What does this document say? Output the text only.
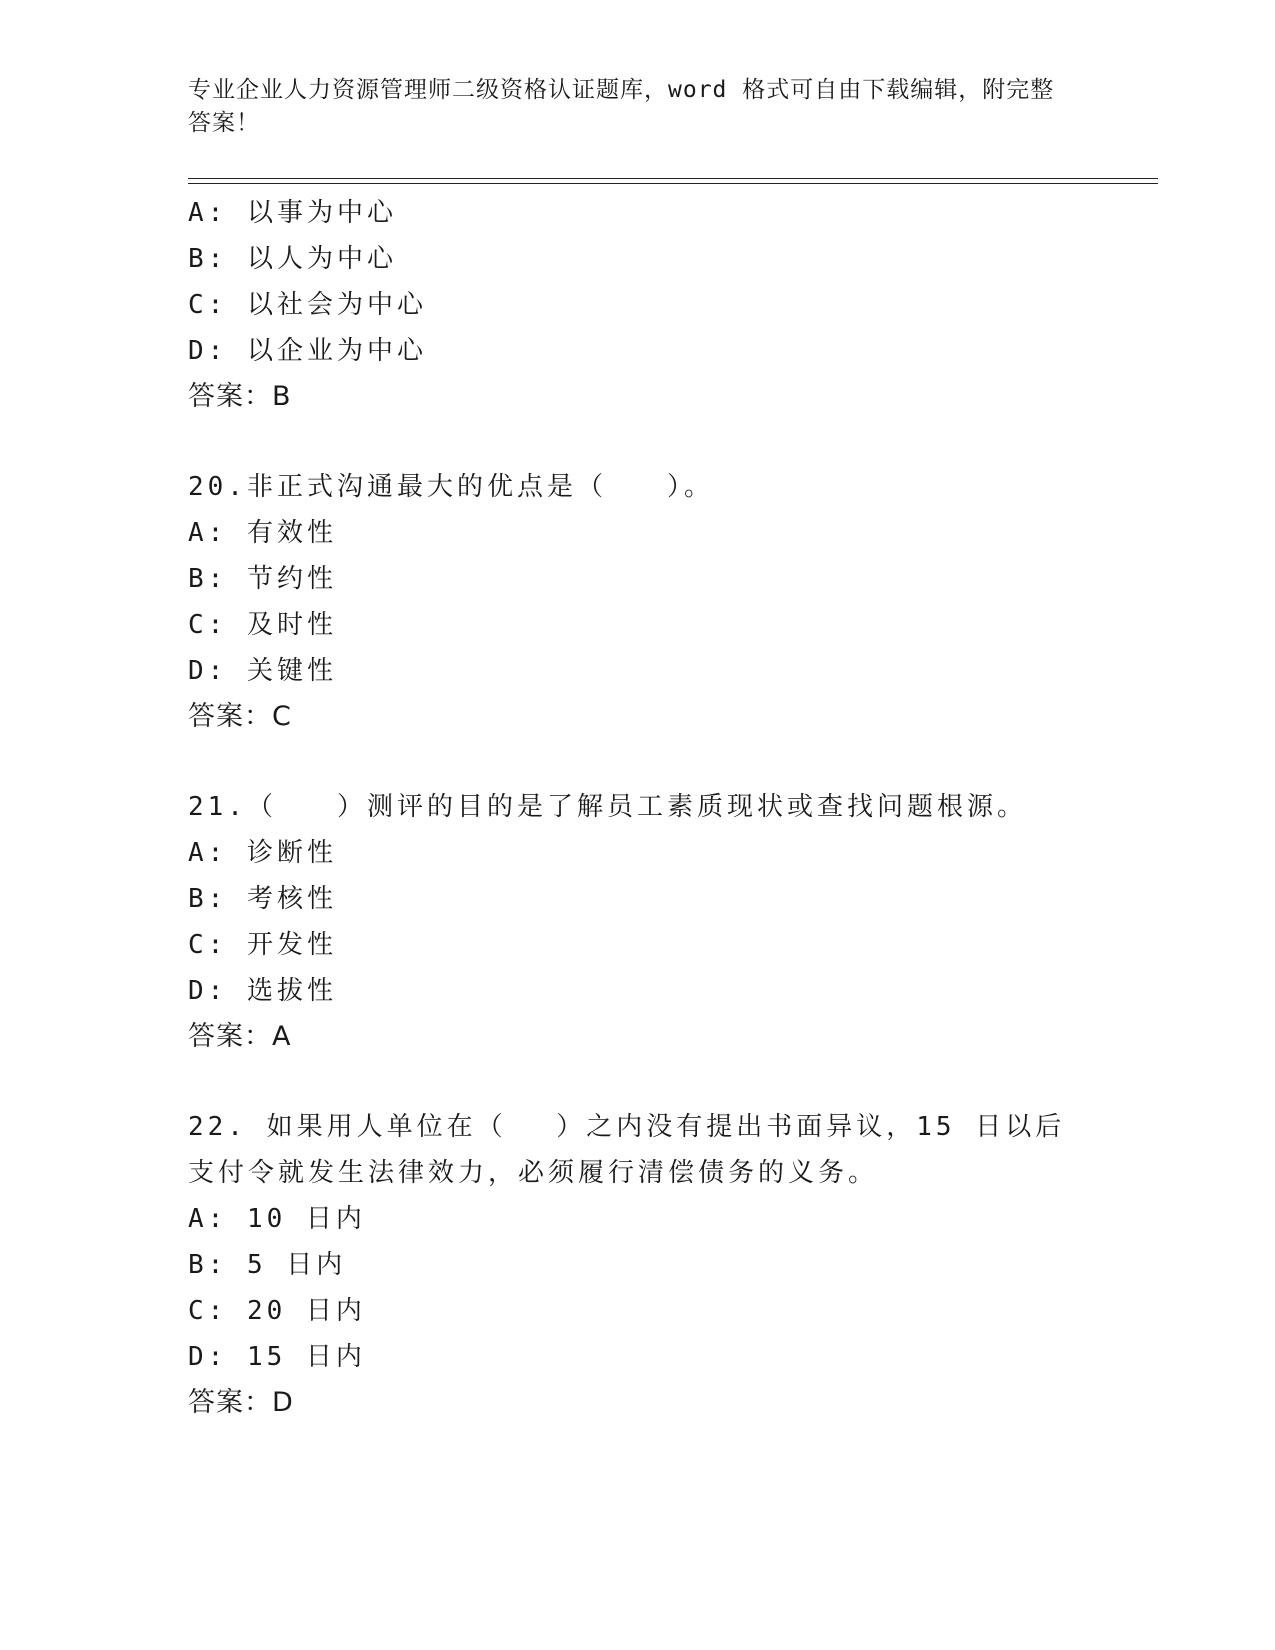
专业企业人力资源管理师二级资格认证题库，word 格式可自由下载编辑，附完整答案！
A: 以事为中心
B: 以人为中心
C: 以社会为中心
D: 以企业为中心
答案：B
20.非正式沟通最大的优点是（　　）。
A: 有效性
B: 节约性
C: 及时性
D: 关键性
答案：C
21.（　　）测评的目的是了解员工素质现状或查找问题根源。
A: 诊断性
B: 考核性
C: 开发性
D: 选拔性
答案：A
22. 如果用人单位在（　 ）之内没有提出书面异议，15 日以后支付令就发生法律效力，必须履行清偿债务的义务。
A: 10 日内
B: 5 日内
C: 20 日内
D: 15 日内
答案：D
